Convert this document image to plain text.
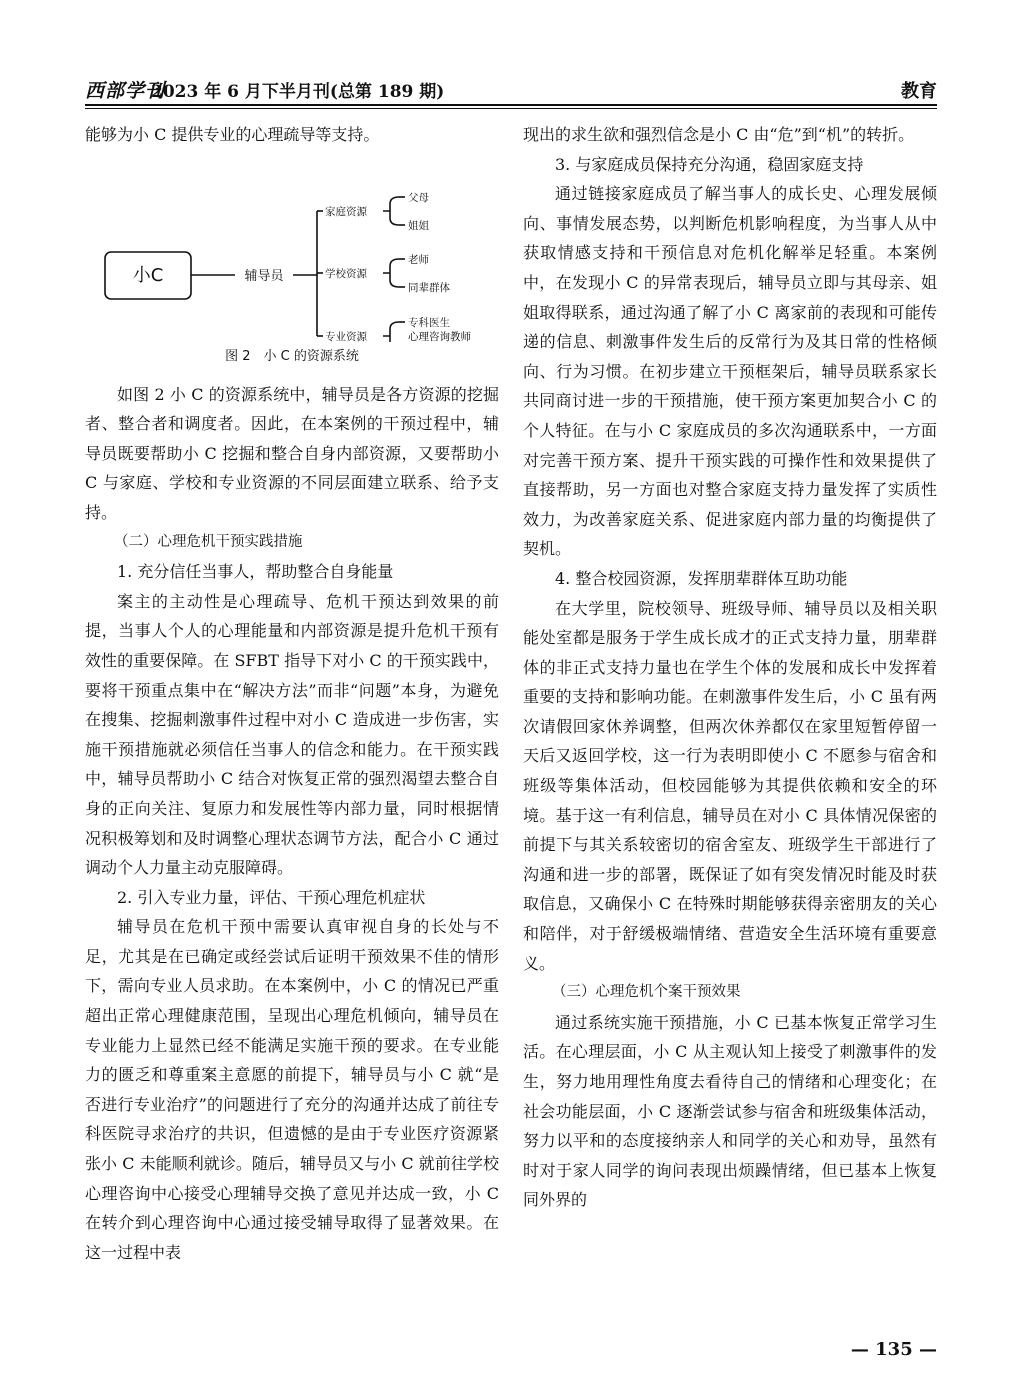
西部学刊
2023 年 6 月下半月刊(总第 189 期)	教育

能够为小 C 提供专业的心理疏导等支持。

小C	辅导员
家庭资源
学校资源
专业资源
父母
姐姐
老师
同辈群体
专科医生
心理咨询教师
图 2　小 C 的资源系统

如图 2 小 C 的资源系统中，辅导员是各方资源的挖掘者、整合者和调度者。因此，在本案例的干预过程中，辅导员既要帮助小 C 挖掘和整合自身内部资源，又要帮助小 C 与家庭、学校和专业资源的不同层面建立联系、给予支持。

（二）心理危机干预实践措施

1. 充分信任当事人，帮助整合自身能量

案主的主动性是心理疏导、危机干预达到效果的前提，当事人个人的心理能量和内部资源是提升危机干预有效性的重要保障。在 SFBT 指导下对小 C 的干预实践中，要将干预重点集中在“解决方法”而非“问题”本身，为避免在搜集、挖掘刺激事件过程中对小 C 造成进一步伤害，实施干预措施就必须信任当事人的信念和能力。在干预实践中，辅导员帮助小 C 结合对恢复正常的强烈渴望去整合自身的正向关注、复原力和发展性等内部力量，同时根据情况积极筹划和及时调整心理状态调节方法，配合小 C 通过调动个人力量主动克服障碍。

2. 引入专业力量，评估、干预心理危机症状

辅导员在危机干预中需要认真审视自身的长处与不足，尤其是在已确定或经尝试后证明干预效果不佳的情形下，需向专业人员求助。在本案例中，小 C 的情况已严重超出正常心理健康范围，呈现出心理危机倾向，辅导员在专业能力上显然已经不能满足实施干预的要求。在专业能力的匮乏和尊重案主意愿的前提下，辅导员与小 C 就“是否进行专业治疗”的问题进行了充分的沟通并达成了前往专科医院寻求治疗的共识，但遗憾的是由于专业医疗资源紧张小 C 未能顺利就诊。随后，辅导员又与小 C 就前往学校心理咨询中心接受心理辅导交换了意见并达成一致，小 C 在转介到心理咨询中心通过接受辅导取得了显著效果。在这一过程中表

现出的求生欲和强烈信念是小 C 由“危”到“机”的转折。

3. 与家庭成员保持充分沟通，稳固家庭支持

通过链接家庭成员了解当事人的成长史、心理发展倾向、事情发展态势，以判断危机影响程度，为当事人从中获取情感支持和干预信息对危机化解举足轻重。本案例中，在发现小 C 的异常表现后，辅导员立即与其母亲、姐姐取得联系，通过沟通了解了小 C 离家前的表现和可能传递的信息、刺激事件发生后的反常行为及其日常的性格倾向、行为习惯。在初步建立干预框架后，辅导员联系家长共同商讨进一步的干预措施，使干预方案更加契合小 C 的个人特征。在与小 C 家庭成员的多次沟通联系中，一方面对完善干预方案、提升干预实践的可操作性和效果提供了直接帮助，另一方面也对整合家庭支持力量发挥了实质性效力，为改善家庭关系、促进家庭内部力量的均衡提供了契机。

4. 整合校园资源，发挥朋辈群体互助功能

在大学里，院校领导、班级导师、辅导员以及相关职能处室都是服务于学生成长成才的正式支持力量，朋辈群体的非正式支持力量也在学生个体的发展和成长中发挥着重要的支持和影响功能。在刺激事件发生后，小 C 虽有两次请假回家休养调整，但两次休养都仅在家里短暂停留一天后又返回学校，这一行为表明即使小 C 不愿参与宿舍和班级等集体活动，但校园能够为其提供依赖和安全的环境。基于这一有利信息，辅导员在对小 C 具体情况保密的前提下与其关系较密切的宿舍室友、班级学生干部进行了沟通和进一步的部署，既保证了如有突发情况时能及时获取信息，又确保小 C 在特殊时期能够获得亲密朋友的关心和陪伴，对于舒缓极端情绪、营造安全生活环境有重要意义。

（三）心理危机个案干预效果

通过系统实施干预措施，小 C 已基本恢复正常学习生活。在心理层面，小 C 从主观认知上接受了刺激事件的发生，努力地用理性角度去看待自己的情绪和心理变化；在社会功能层面，小 C 逐渐尝试参与宿舍和班级集体活动，努力以平和的态度接纳亲人和同学的关心和劝导，虽然有时对于家人同学的询问表现出烦躁情绪，但已基本上恢复同外界的

— 135 —
